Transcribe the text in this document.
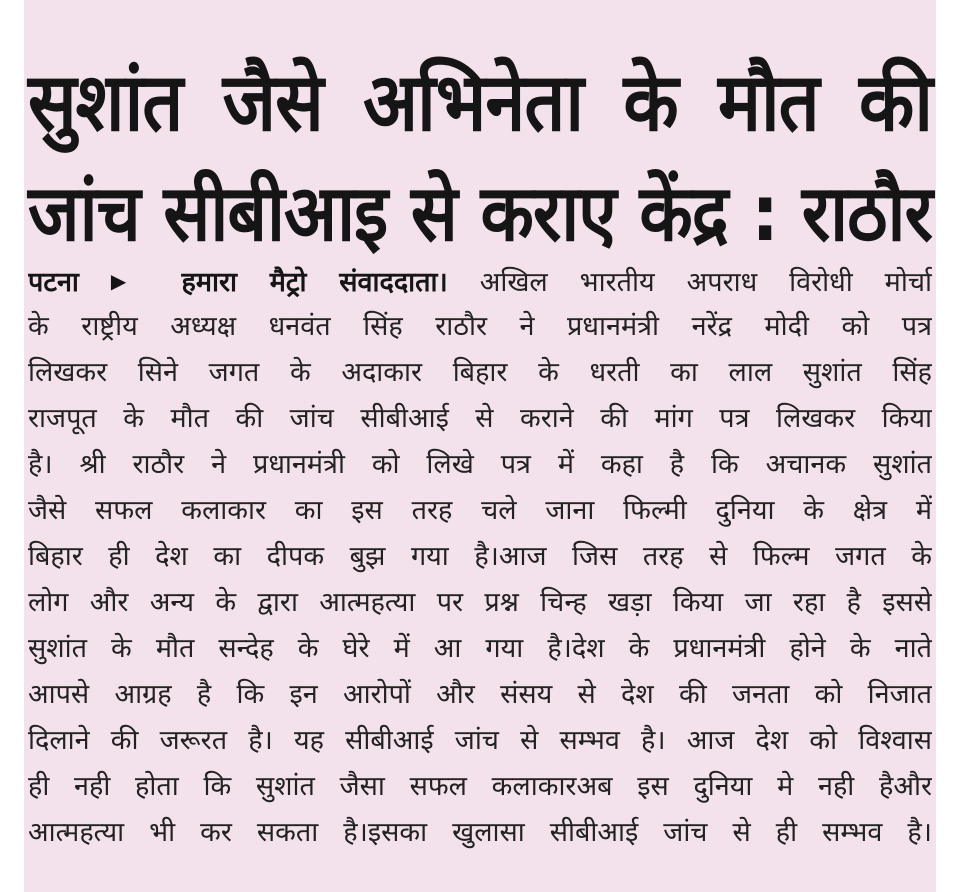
सुशांत जैसे अभिनेता के मौत की
जांच सीबीआइ से कराए केंद्र : राठौर
पटना ▶ हमारा मैट्रो संवाददाता। अखिल भारतीय अपराध विरोधी मोर्चा
के राष्ट्रीय अध्यक्ष धनवंत सिंह राठौर ने प्रधानमंत्री नरेंद्र मोदी को पत्र
लिखकर सिने जगत के अदाकार बिहार के धरती का लाल सुशांत सिंह
राजपूत के मौत की जांच सीबीआई से कराने की मांग पत्र लिखकर किया
है। श्री राठौर ने प्रधानमंत्री को लिखे पत्र में कहा है कि अचानक सुशांत
जैसे सफल कलाकार का इस तरह चले जाना फिल्मी दुनिया के क्षेत्र में
बिहार ही देश का दीपक बुझ गया है।आज जिस तरह से फिल्म जगत के
लोग और अन्य के द्वारा आत्महत्या पर प्रश्न चिन्ह खड़ा किया जा रहा है इससे
सुशांत के मौत सन्देह के घेरे में आ गया है।देश के प्रधानमंत्री होने के नाते
आपसे आग्रह है कि इन आरोपों और संसय से देश की जनता को निजात
दिलाने की जरूरत है। यह सीबीआई जांच से सम्भव है। आज देश को विश्वास
ही नही होता कि सुशांत जैसा सफल कलाकारअब इस दुनिया मे नही हैऔर
आत्महत्या भी कर सकता है।इसका खुलासा सीबीआई जांच से ही सम्भव है।
